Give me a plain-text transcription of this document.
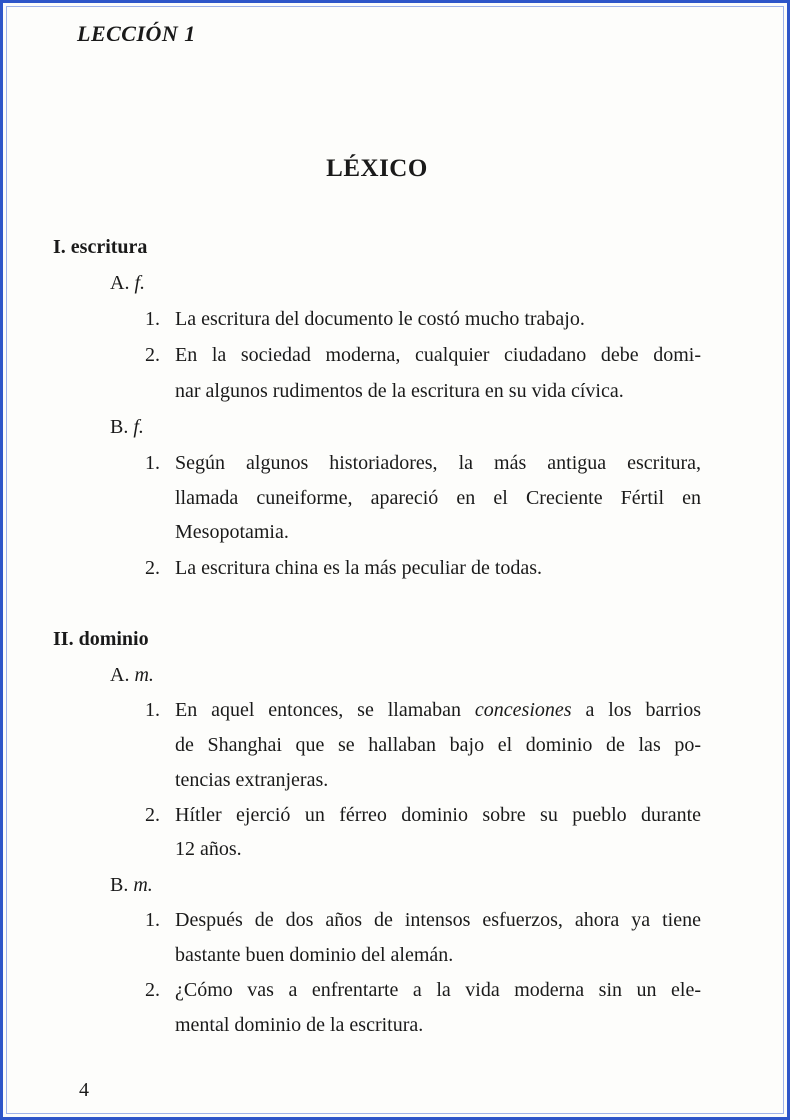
LECCIÓN 1
LÉXICO
I. escritura
A. f.
1. La escritura del documento le costó mucho trabajo.
2. En la sociedad moderna, cualquier ciudadano debe domi-
nar algunos rudimentos de la escritura en su vida cívica.
B. f.
1. Según algunos historiadores, la más antigua escritura,
llamada cuneiforme, apareció en el Creciente Fértil en
Mesopotamia.
2. La escritura china es la más peculiar de todas.
II. dominio
A. m.
1. En aquel entonces, se llamaban concesiones a los barrios
de Shanghai que se hallaban bajo el dominio de las po-
tencias extranjeras.
2. Hítler ejerció un férreo dominio sobre su pueblo durante
12 años.
B. m.
1. Después de dos años de intensos esfuerzos, ahora ya tiene
bastante buen dominio del alemán.
2. ¿Cómo vas a enfrentarte a la vida moderna sin un ele-
mental dominio de la escritura.
4
